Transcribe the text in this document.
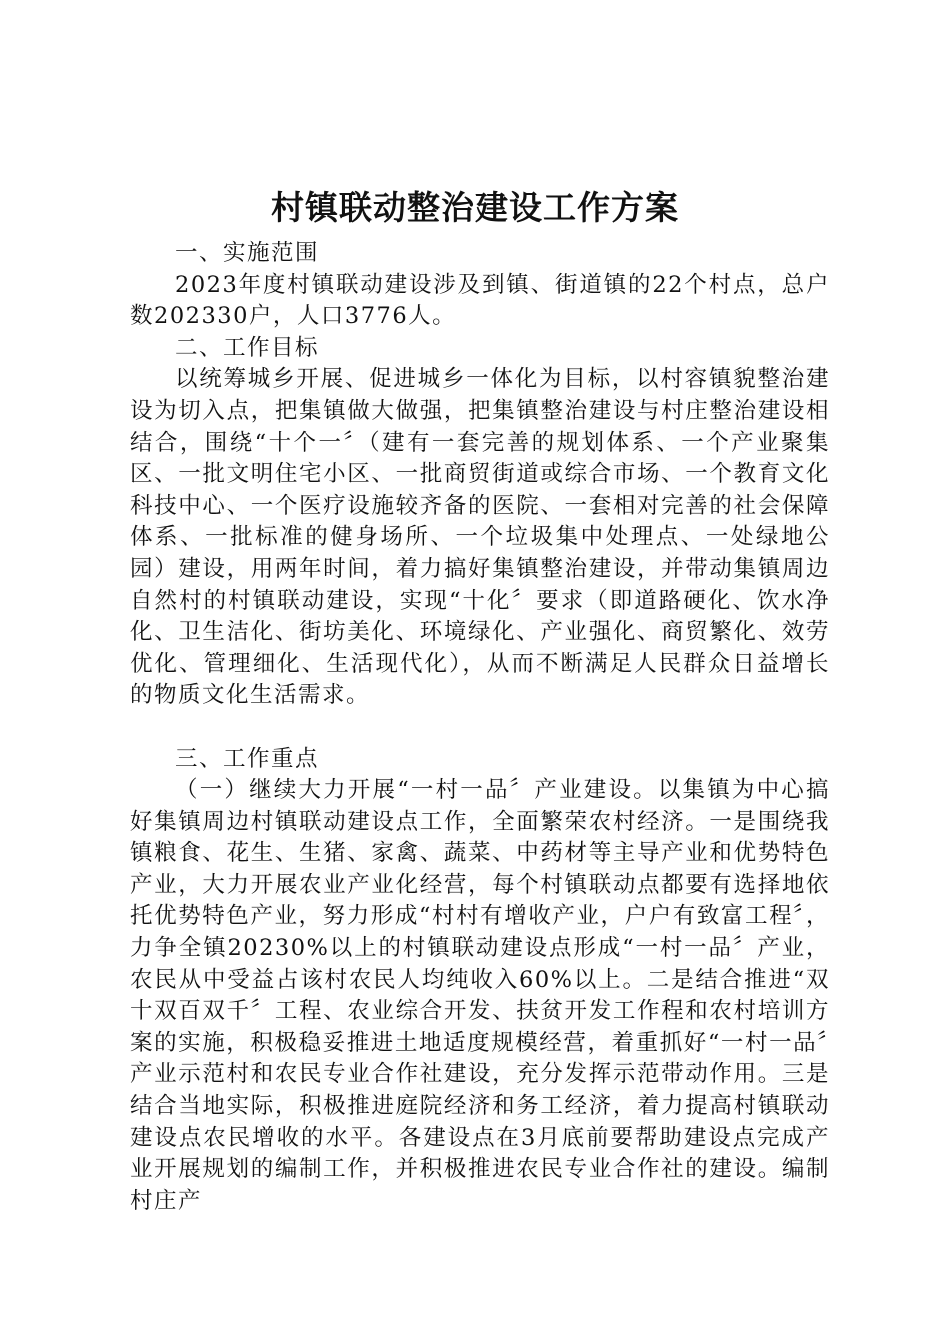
村镇联动整治建设工作方案

一、实施范围

2023年度村镇联动建设涉及到镇、街道镇的22个村点，总户数202330户，人口3776人。

二、工作目标

以统筹城乡开展、促进城乡一体化为目标，以村容镇貌整治建设为切入点，把集镇做大做强，把集镇整治建设与村庄整治建设相结合，围绕“十个一〞（建有一套完善的规划体系、一个产业聚集区、一批文明住宅小区、一批商贸街道或综合市场、一个教育文化科技中心、一个医疗设施较齐备的医院、一套相对完善的社会保障体系、一批标准的健身场所、一个垃圾集中处理点、一处绿地公园）建设，用两年时间，着力搞好集镇整治建设，并带动集镇周边自然村的村镇联动建设，实现“十化〞要求（即道路硬化、饮水净化、卫生洁化、街坊美化、环境绿化、产业强化、商贸繁化、效劳优化、管理细化、生活现代化），从而不断满足人民群众日益增长的物质文化生活需求。

三、工作重点

（一）继续大力开展“一村一品〞产业建设。以集镇为中心搞好集镇周边村镇联动建设点工作，全面繁荣农村经济。一是围绕我镇粮食、花生、生猪、家禽、蔬菜、中药材等主导产业和优势特色产业，大力开展农业产业化经营，每个村镇联动点都要有选择地依托优势特色产业，努力形成“村村有增收产业，户户有致富工程〞，力争全镇20230%以上的村镇联动建设点形成“一村一品〞产业，农民从中受益占该村农民人均纯收入60%以上。二是结合推进“双十双百双千〞工程、农业综合开发、扶贫开发工作程和农村培训方案的实施，积极稳妥推进土地适度规模经营，着重抓好“一村一品〞产业示范村和农民专业合作社建设，充分发挥示范带动作用。三是结合当地实际，积极推进庭院经济和务工经济，着力提高村镇联动建设点农民增收的水平。各建设点在3月底前要帮助建设点完成产业开展规划的编制工作，并积极推进农民专业合作社的建设。编制村庄产
